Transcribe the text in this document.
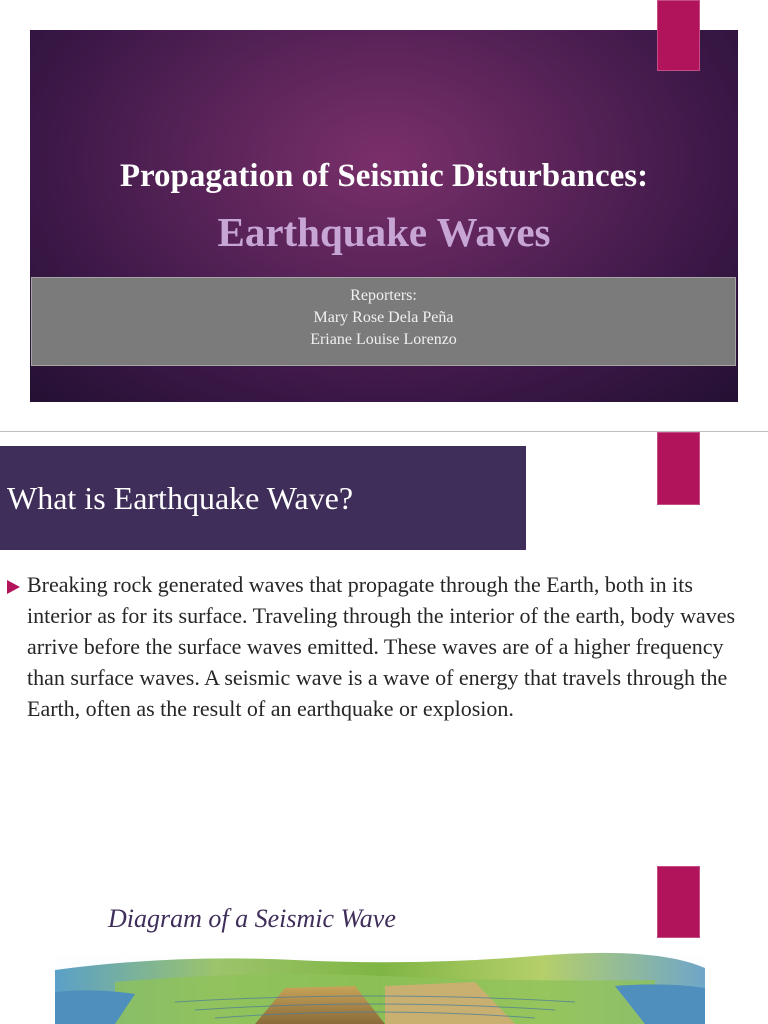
Propagation of Seismic Disturbances:
Earthquake Waves
Reporters:
Mary Rose Dela Peña
Eriane Louise Lorenzo
What is Earthquake Wave?
Breaking rock generated waves that propagate through the Earth, both in its interior as for its surface. Traveling through the interior of the earth, body waves arrive before the surface waves emitted. These waves are of a higher frequency than surface waves. A seismic wave is a wave of energy that travels through the Earth, often as the result of an earthquake or explosion.
Diagram of a Seismic Wave
